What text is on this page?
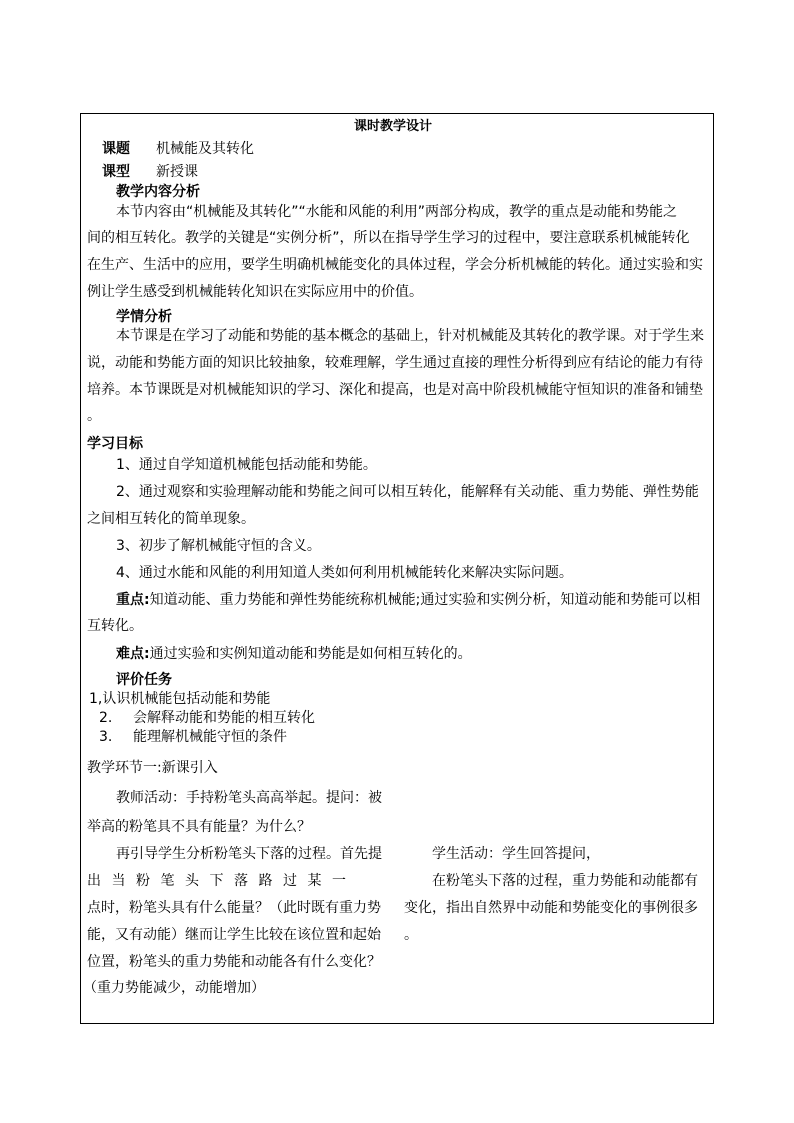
课时教学设计
课题 机械能及其转化
课型 新授课
教学内容分析
本节内容由“机械能及其转化”“水能和风能的利用”两部分构成，教学的重点是动能和势能之
间的相互转化。教学的关键是“实例分析”，所以在指导学生学习的过程中，要注意联系机械能转化
在生产、生活中的应用，要学生明确机械能变化的具体过程，学会分析机械能的转化。通过实验和实
例让学生感受到机械能转化知识在实际应用中的价值。
学情分析
本节课是在学习了动能和势能的基本概念的基础上，针对机械能及其转化的教学课。对于学生来
说，动能和势能方面的知识比较抽象，较难理解，学生通过直接的理性分析得到应有结论的能力有待
培养。本节课既是对机械能知识的学习、深化和提高，也是对高中阶段机械能守恒知识的准备和铺垫
。
学习目标
1、通过自学知道机械能包括动能和势能。
2、通过观察和实验理解动能和势能之间可以相互转化，能解释有关动能、重力势能、弹性势能
之间相互转化的简单现象。
3、初步了解机械能守恒的含义。
4、通过水能和风能的利用知道人类如何利用机械能转化来解决实际问题。
重点:知道动能、重力势能和弹性势能统称机械能;通过实验和实例分析，知道动能和势能可以相
互转化。
难点:通过实验和实例知道动能和势能是如何相互转化的。
评价任务
1,认识机械能包括动能和势能
2. 会解释动能和势能的相互转化
3. 能理解机械能守恒的条件
教学环节一:新课引入
教师活动：手持粉笔头高高举起。提问：被
举高的粉笔具不具有能量？为什么？
再引导学生分析粉笔头下落的过程。首先提
出当粉笔头下落路过某一
点时，粉笔头具有什么能量？（此时既有重力势
能，又有动能）继而让学生比较在该位置和起始
位置，粉笔头的重力势能和动能各有什么变化？
（重力势能减少，动能增加）
学生活动：学生回答提问，
在粉笔头下落的过程，重力势能和动能都有
变化，指出自然界中动能和势能变化的事例很多
。
